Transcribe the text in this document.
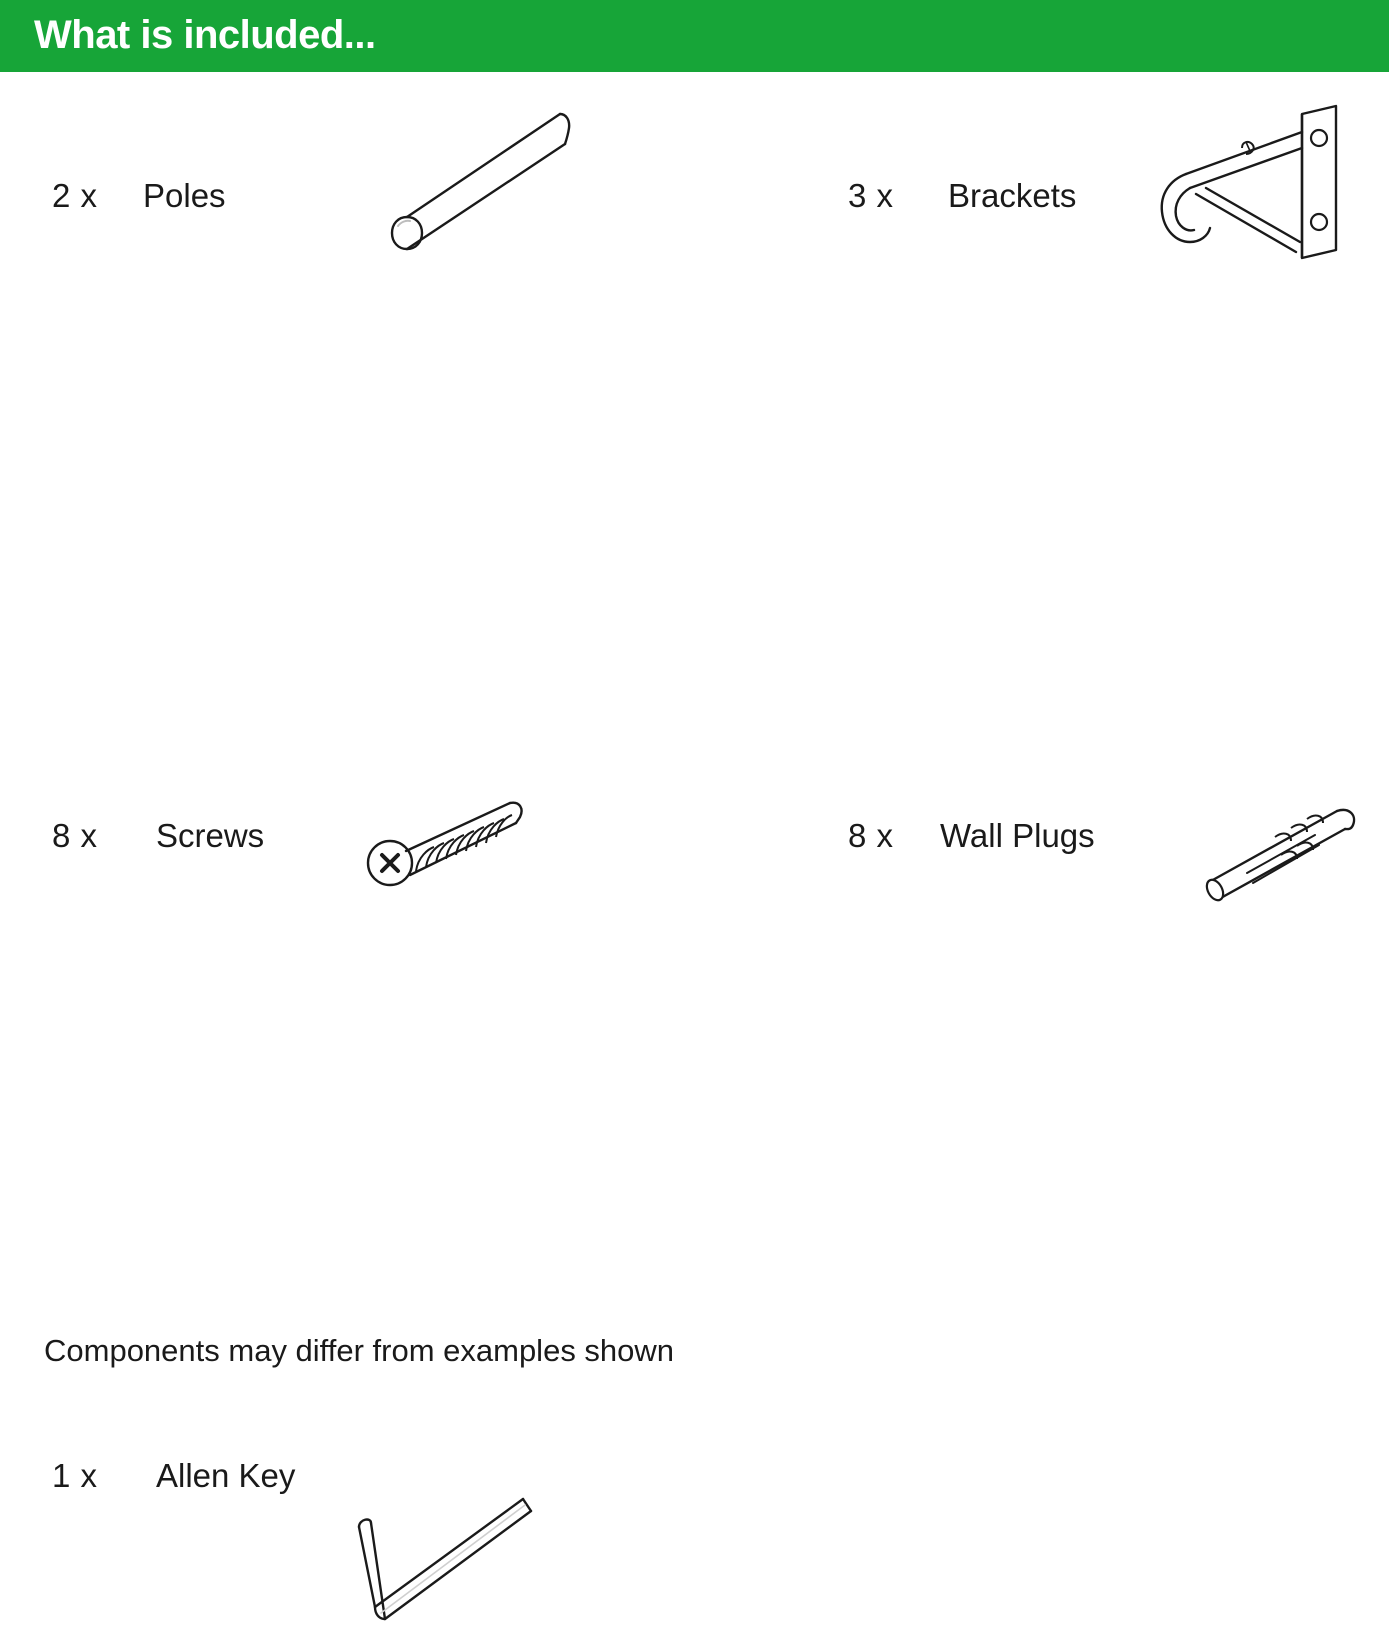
What is included...
2 x Poles	3 x Brackets
8 x Screws	8 x Wall Plugs
1 x Allen Key
Components may differ from examples shown
